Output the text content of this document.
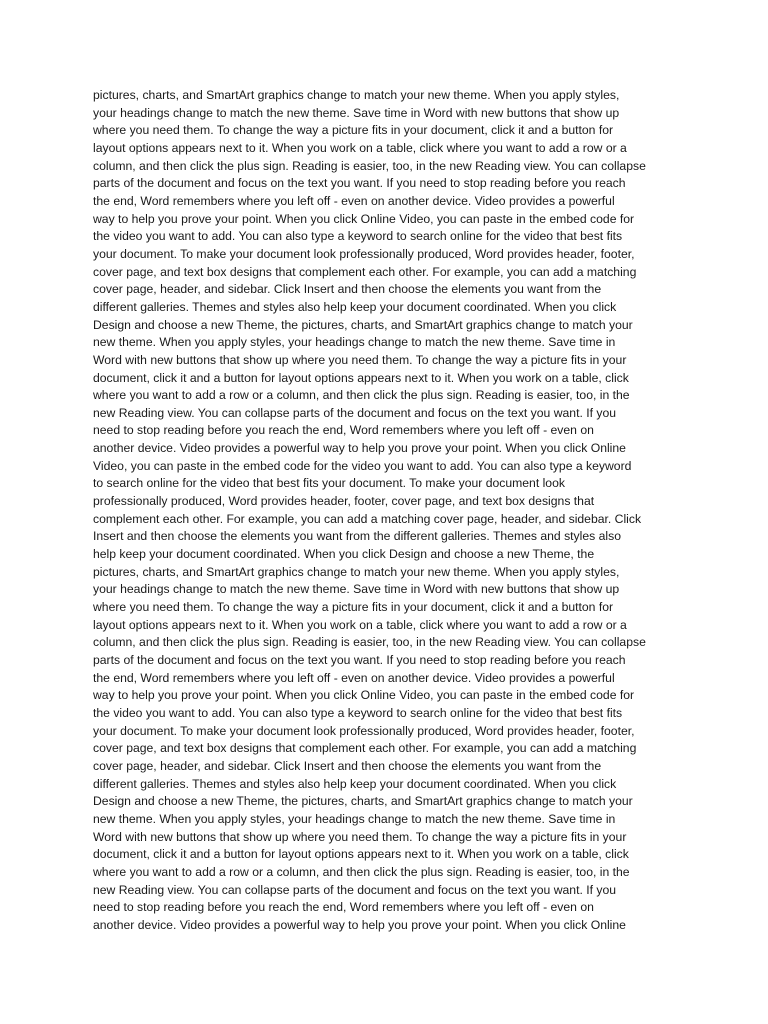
pictures, charts, and SmartArt graphics change to match your new theme. When you apply styles,
your headings change to match the new theme. Save time in Word with new buttons that show up
where you need them. To change the way a picture fits in your document, click it and a button for
layout options appears next to it. When you work on a table, click where you want to add a row or a
column, and then click the plus sign. Reading is easier, too, in the new Reading view. You can collapse
parts of the document and focus on the text you want. If you need to stop reading before you reach
the end, Word remembers where you left off - even on another device. Video provides a powerful
way to help you prove your point. When you click Online Video, you can paste in the embed code for
the video you want to add. You can also type a keyword to search online for the video that best fits
your document. To make your document look professionally produced, Word provides header, footer,
cover page, and text box designs that complement each other. For example, you can add a matching
cover page, header, and sidebar. Click Insert and then choose the elements you want from the
different galleries. Themes and styles also help keep your document coordinated. When you click
Design and choose a new Theme, the pictures, charts, and SmartArt graphics change to match your
new theme. When you apply styles, your headings change to match the new theme. Save time in
Word with new buttons that show up where you need them. To change the way a picture fits in your
document, click it and a button for layout options appears next to it. When you work on a table, click
where you want to add a row or a column, and then click the plus sign. Reading is easier, too, in the
new Reading view. You can collapse parts of the document and focus on the text you want. If you
need to stop reading before you reach the end, Word remembers where you left off - even on
another device. Video provides a powerful way to help you prove your point. When you click Online
Video, you can paste in the embed code for the video you want to add. You can also type a keyword
to search online for the video that best fits your document. To make your document look
professionally produced, Word provides header, footer, cover page, and text box designs that
complement each other. For example, you can add a matching cover page, header, and sidebar. Click
Insert and then choose the elements you want from the different galleries. Themes and styles also
help keep your document coordinated. When you click Design and choose a new Theme, the
pictures, charts, and SmartArt graphics change to match your new theme. When you apply styles,
your headings change to match the new theme. Save time in Word with new buttons that show up
where you need them. To change the way a picture fits in your document, click it and a button for
layout options appears next to it. When you work on a table, click where you want to add a row or a
column, and then click the plus sign. Reading is easier, too, in the new Reading view. You can collapse
parts of the document and focus on the text you want. If you need to stop reading before you reach
the end, Word remembers where you left off - even on another device. Video provides a powerful
way to help you prove your point. When you click Online Video, you can paste in the embed code for
the video you want to add. You can also type a keyword to search online for the video that best fits
your document. To make your document look professionally produced, Word provides header, footer,
cover page, and text box designs that complement each other. For example, you can add a matching
cover page, header, and sidebar. Click Insert and then choose the elements you want from the
different galleries. Themes and styles also help keep your document coordinated. When you click
Design and choose a new Theme, the pictures, charts, and SmartArt graphics change to match your
new theme. When you apply styles, your headings change to match the new theme. Save time in
Word with new buttons that show up where you need them. To change the way a picture fits in your
document, click it and a button for layout options appears next to it. When you work on a table, click
where you want to add a row or a column, and then click the plus sign. Reading is easier, too, in the
new Reading view. You can collapse parts of the document and focus on the text you want. If you
need to stop reading before you reach the end, Word remembers where you left off - even on
another device. Video provides a powerful way to help you prove your point. When you click Online
